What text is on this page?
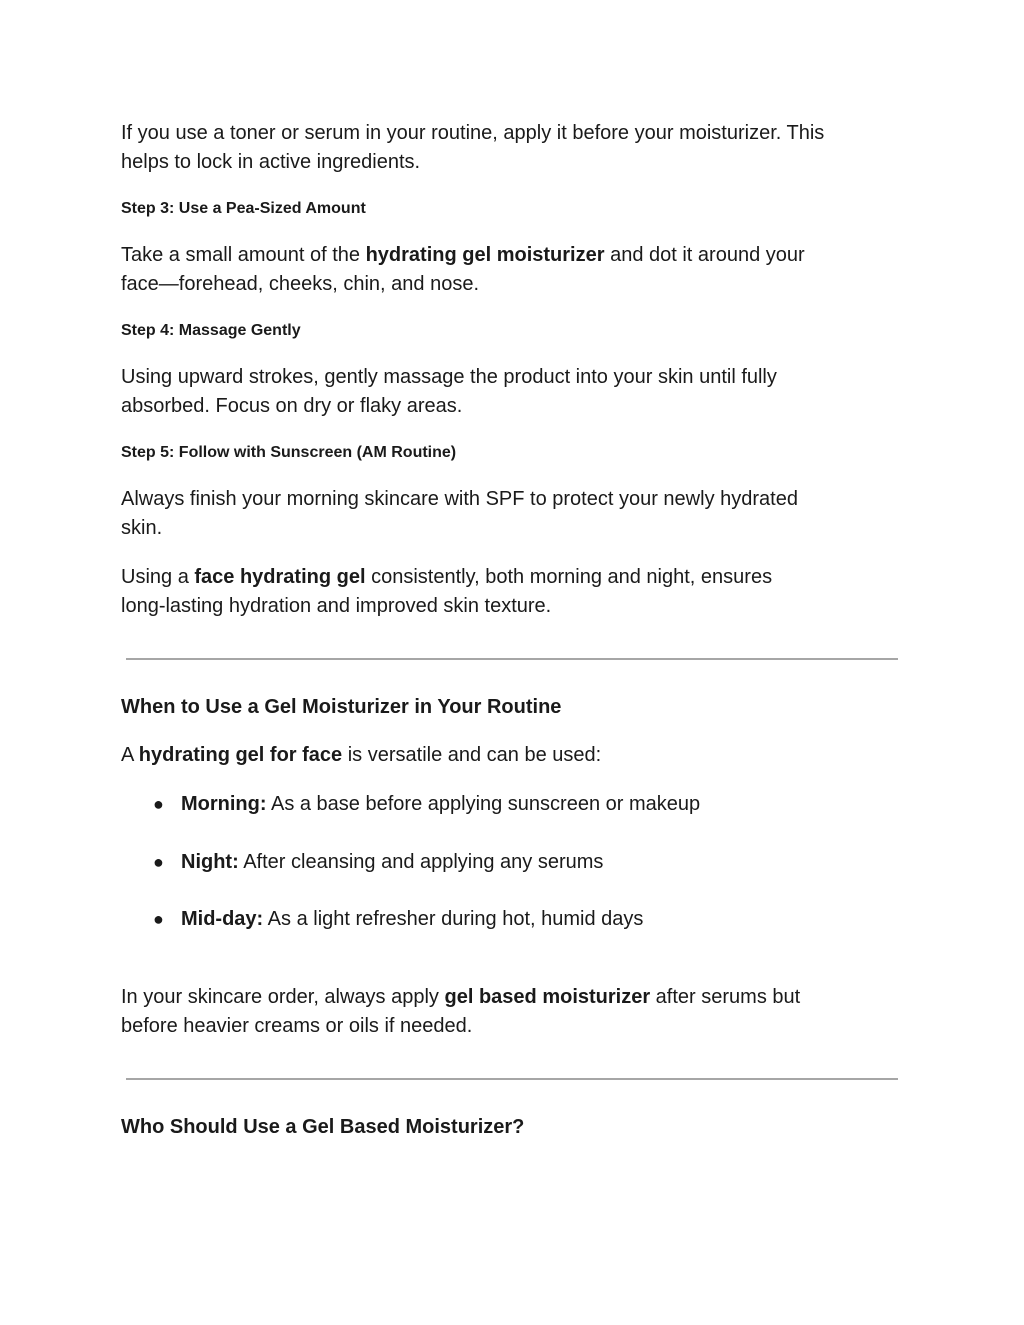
If you use a toner or serum in your routine, apply it before your moisturizer. This
helps to lock in active ingredients.

Step 3: Use a Pea-Sized Amount

Take a small amount of the hydrating gel moisturizer and dot it around your
face—forehead, cheeks, chin, and nose.

Step 4: Massage Gently

Using upward strokes, gently massage the product into your skin until fully
absorbed. Focus on dry or flaky areas.

Step 5: Follow with Sunscreen (AM Routine)

Always finish your morning skincare with SPF to protect your newly hydrated
skin.

Using a face hydrating gel consistently, both morning and night, ensures
long-lasting hydration and improved skin texture.

When to Use a Gel Moisturizer in Your Routine

A hydrating gel for face is versatile and can be used:

● Morning: As a base before applying sunscreen or makeup
● Night: After cleansing and applying any serums
● Mid-day: As a light refresher during hot, humid days

In your skincare order, always apply gel based moisturizer after serums but
before heavier creams or oils if needed.

Who Should Use a Gel Based Moisturizer?
